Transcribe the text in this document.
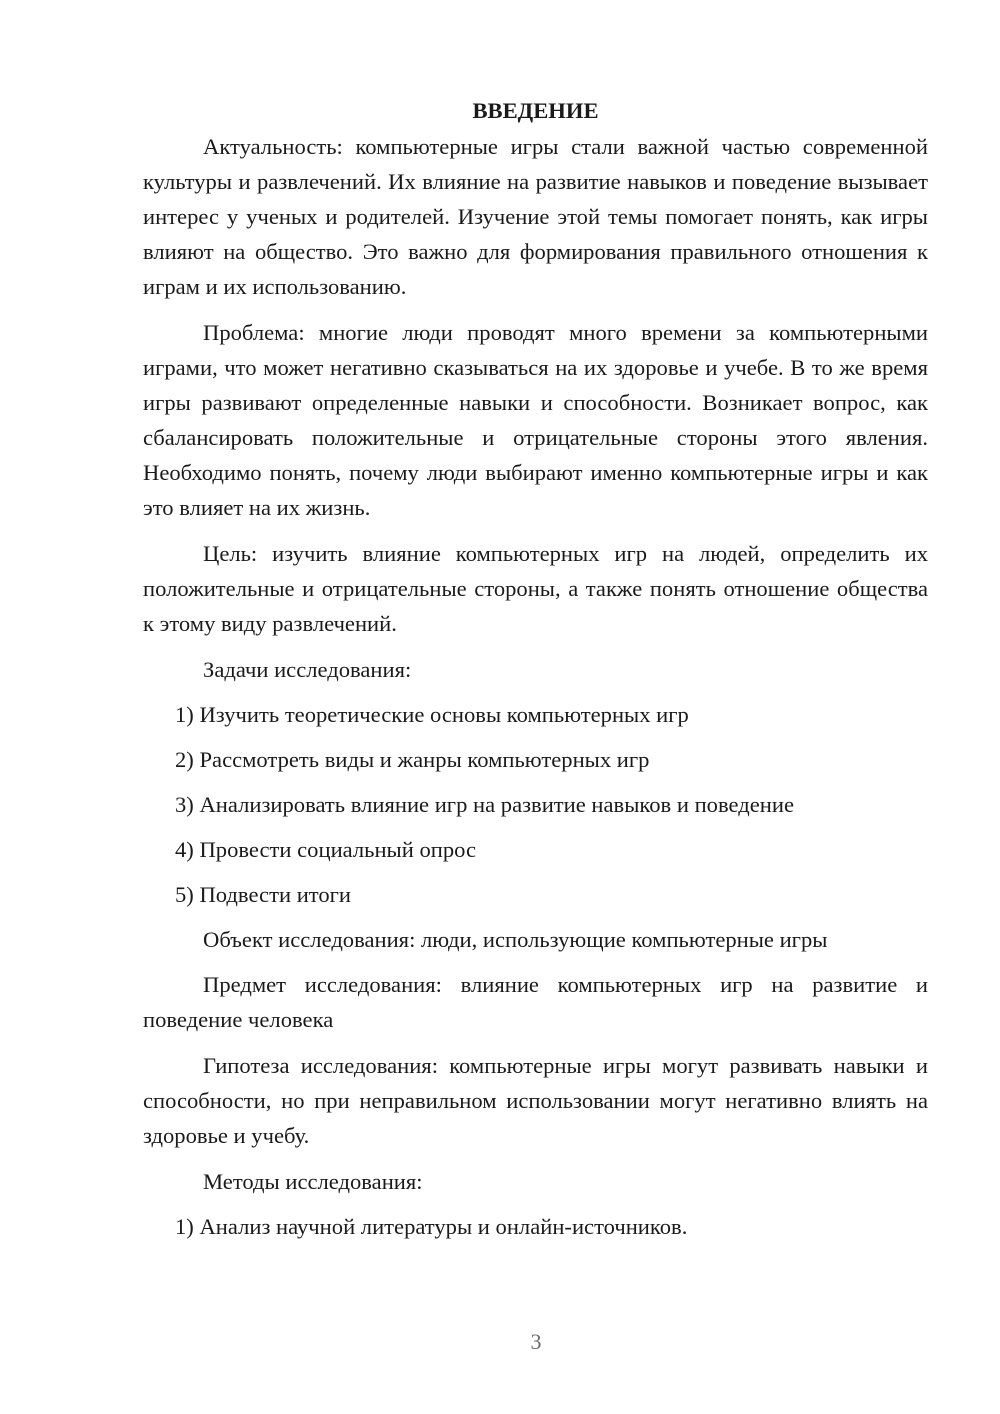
ВВЕДЕНИЕ

Актуальность: компьютерные игры стали важной частью современной культуры и развлечений. Их влияние на развитие навыков и поведение вызывает интерес у ученых и родителей. Изучение этой темы помогает понять, как игры влияют на общество. Это важно для формирования правильного отношения к играм и их использованию.

Проблема: многие люди проводят много времени за компьютерными играми, что может негативно сказываться на их здоровье и учебе. В то же время игры развивают определенные навыки и способности. Возникает вопрос, как сбалансировать положительные и отрицательные стороны этого явления. Необходимо понять, почему люди выбирают именно компьютерные игры и как это влияет на их жизнь.

Цель: изучить влияние компьютерных игр на людей, определить их положительные и отрицательные стороны, а также понять отношение общества к этому виду развлечений.

Задачи исследования:
1) Изучить теоретические основы компьютерных игр
2) Рассмотреть виды и жанры компьютерных игр
3) Анализировать влияние игр на развитие навыков и поведение
4) Провести социальный опрос
5) Подвести итоги
Объект исследования: люди, использующие компьютерные игры

Предмет исследования: влияние компьютерных игр на развитие и поведение человека

Гипотеза исследования: компьютерные игры могут развивать навыки и способности, но при неправильном использовании могут негативно влиять на здоровье и учебу.

Методы исследования:
1) Анализ научной литературы и онлайн-источников.
3
